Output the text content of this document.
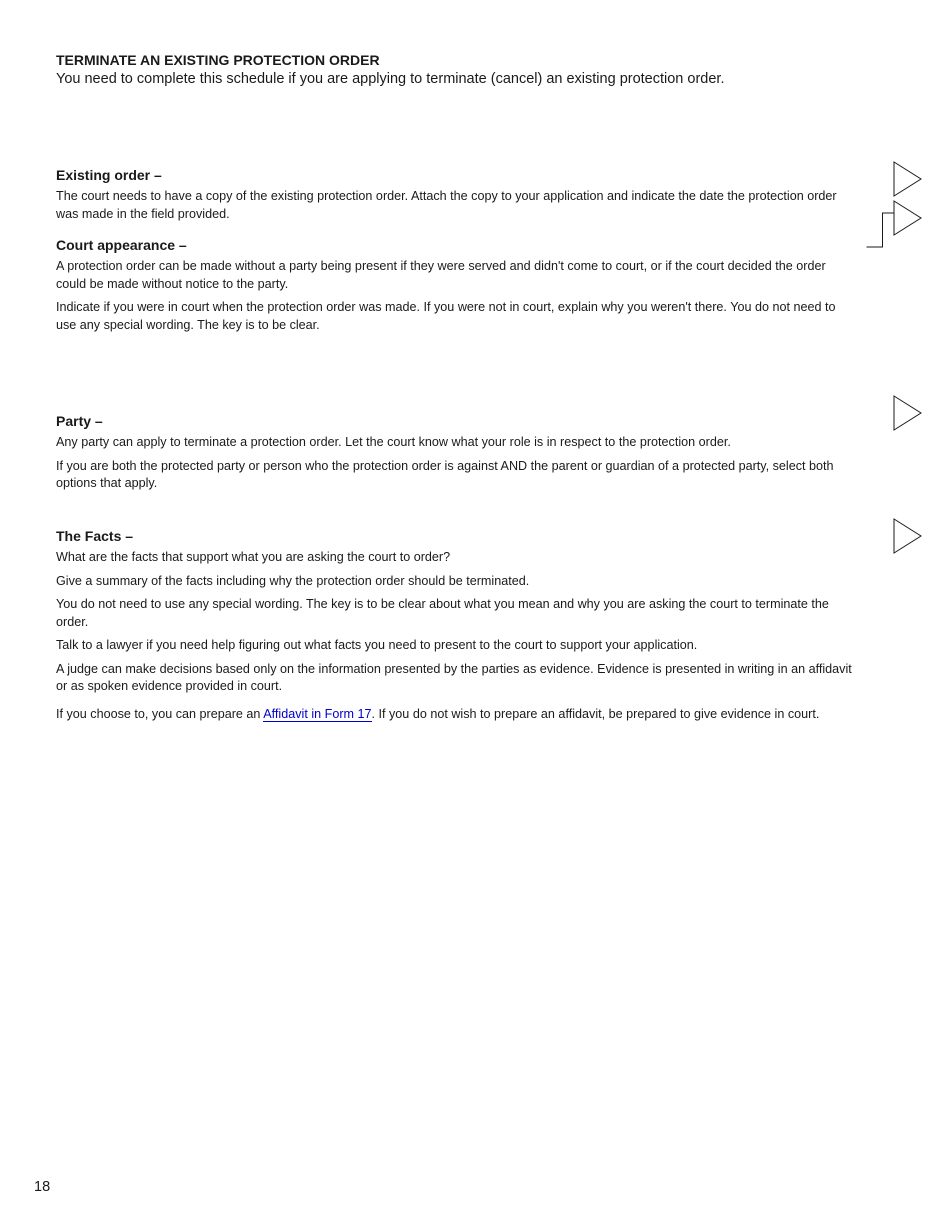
TERMINATE AN EXISTING PROTECTION ORDER

You need to complete this schedule if you are applying to terminate (cancel) an existing protection order.

Existing order –

The court needs to have a copy of the existing protection order. Attach the copy to your application and indicate the date the protection order was made in the field provided.

Court appearance –

A protection order can be made without a party being present if they were served and didn't come to court, or if the court decided the order could be made without notice to the party.

Indicate if you were in court when the protection order was made. If you were not in court, explain why you weren't there. You do not need to use any special wording. The key is to be clear.

Party –

Any party can apply to terminate a protection order. Let the court know what your role is in respect to the protection order.

If you are both the protected party or person who the protection order is against AND the parent or guardian of a protected party, select both options that apply.

The Facts –

What are the facts that support what you are asking the court to order?

Give a summary of the facts including why the protection order should be terminated.

You do not need to use any special wording. The key is to be clear about what you mean and why you are asking the court to terminate the order.

Talk to a lawyer if you need help figuring out what facts you need to present to the court to support your application.

A judge can make decisions based only on the information presented by the parties as evidence. Evidence is presented in writing in an affidavit or as spoken evidence provided in court.

If you choose to, you can prepare an Affidavit in Form 17. If you do not wish to prepare an affidavit, be prepared to give evidence in court.

18
